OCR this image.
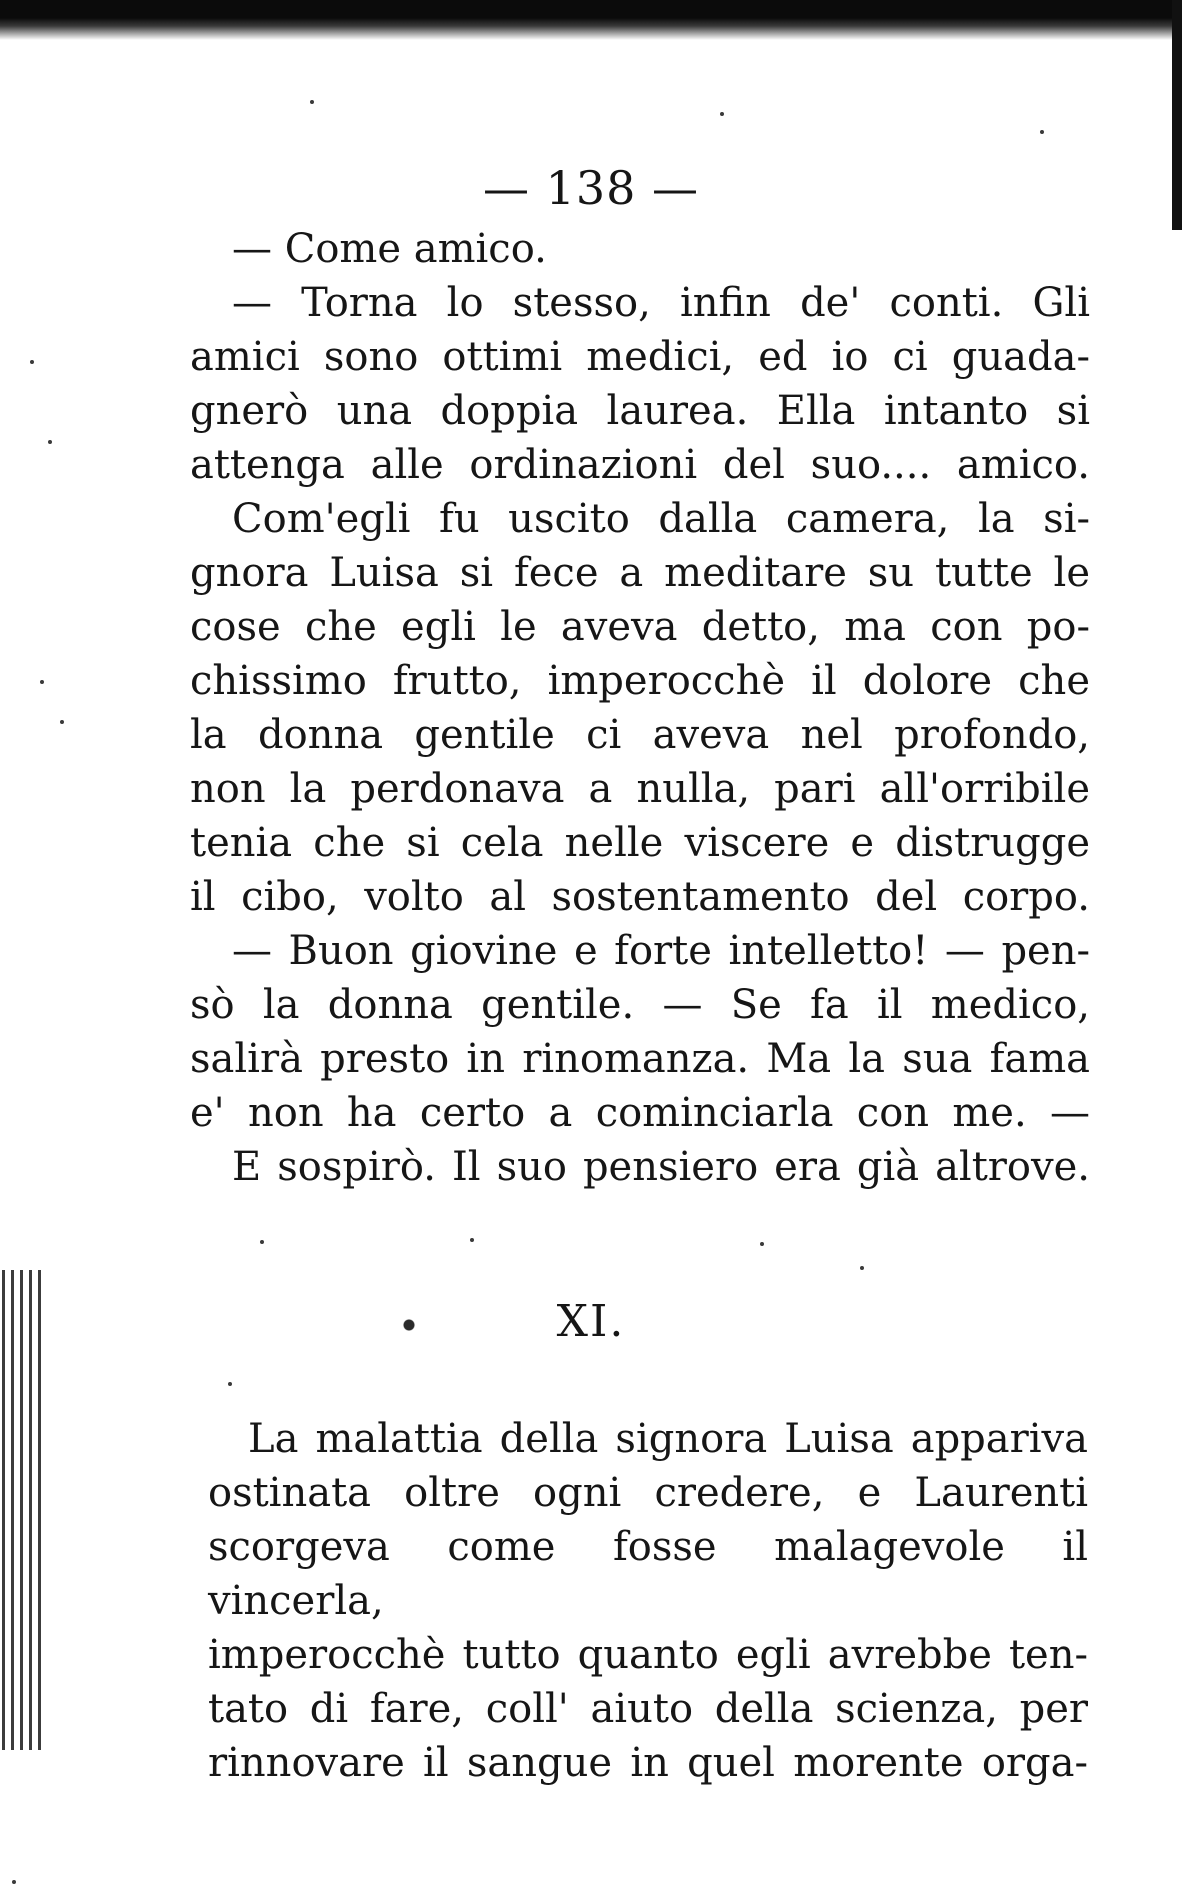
— 138 —

— Come amico.

— Torna lo stesso, infin de' conti. Gli

amici sono ottimi medici, ed io ci guada-

gnerò una doppia laurea. Ella intanto si

attenga alle ordinazioni del suo.... amico.

Com'egli fu uscito dalla camera, la si-

gnora Luisa si fece a meditare su tutte le

cose che egli le aveva detto, ma con po-

chissimo frutto, imperocchè il dolore che

la donna gentile ci aveva nel profondo,

non la perdonava a nulla, pari all'orribile

tenia che si cela nelle viscere e distrugge

il cibo, volto al sostentamento del corpo.

— Buon giovine e forte intelletto! — pen-

sò la donna gentile. — Se fa il medico,

salirà presto in rinomanza. Ma la sua fama

e' non ha certo a cominciarla con me. —

E sospirò. Il suo pensiero era già altrove.

XI.

La malattia della signora Luisa appariva

ostinata oltre ogni credere, e Laurenti

scorgeva come fosse malagevole il vincerla,

imperocchè tutto quanto egli avrebbe ten-

tato di fare, coll' aiuto della scienza, per

rinnovare il sangue in quel morente orga-
